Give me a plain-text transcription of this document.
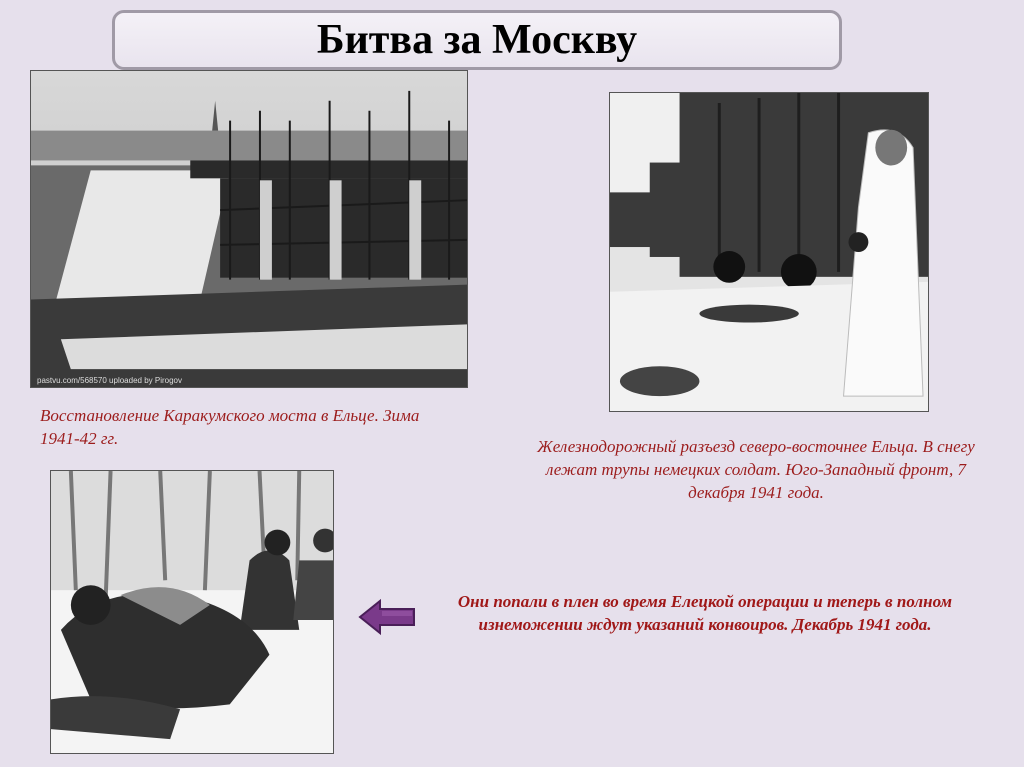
Битва за Москву
pastvu.com/568570 uploaded by Pirogov
Восстановление Каракумского моста в Ельце. Зима 1941-42 гг.	Железнодорожный разъезд северо-восточнее Ельца. В снегу лежат трупы немецких солдат. Юго-Западный фронт, 7 декабря 1941 года.
Они попали в плен во время Елецкой операции и теперь в полном изнеможении ждут указаний конвоиров. Декабрь 1941 года.
